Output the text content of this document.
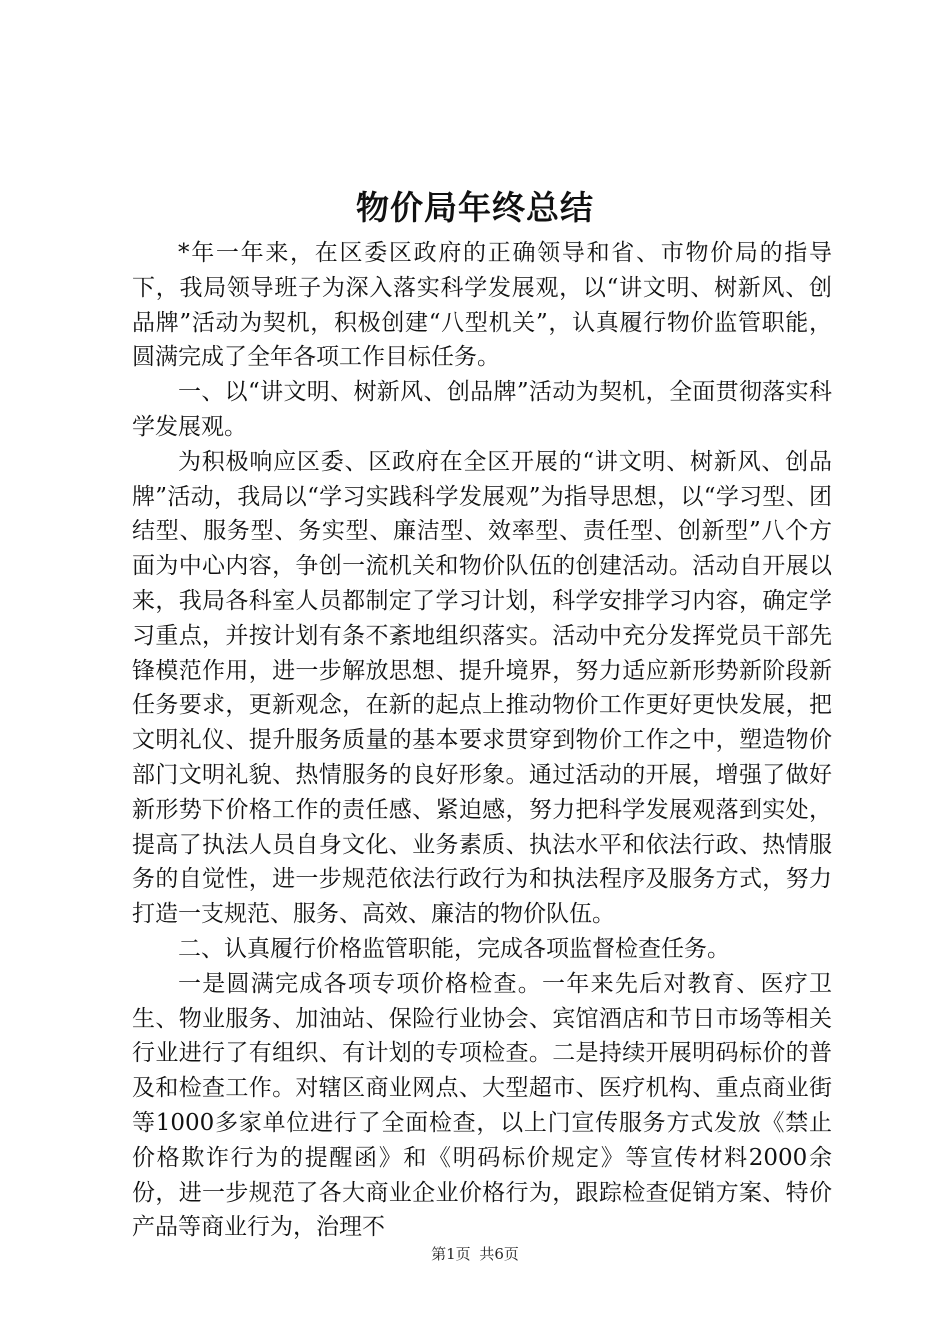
物价局年终总结

*年一年来，在区委区政府的正确领导和省、市物价局的指导下，我局领导班子为深入落实科学发展观，以“讲文明、树新风、创品牌”活动为契机，积极创建“八型机关”，认真履行物价监管职能，圆满完成了全年各项工作目标任务。

一、以“讲文明、树新风、创品牌”活动为契机，全面贯彻落实科学发展观。

为积极响应区委、区政府在全区开展的“讲文明、树新风、创品牌”活动，我局以“学习实践科学发展观”为指导思想，以“学习型、团结型、服务型、务实型、廉洁型、效率型、责任型、创新型”八个方面为中心内容，争创一流机关和物价队伍的创建活动。活动自开展以来，我局各科室人员都制定了学习计划，科学安排学习内容，确定学习重点，并按计划有条不紊地组织落实。活动中充分发挥党员干部先锋模范作用，进一步解放思想、提升境界，努力适应新形势新阶段新任务要求，更新观念，在新的起点上推动物价工作更好更快发展，把文明礼仪、提升服务质量的基本要求贯穿到物价工作之中，塑造物价部门文明礼貌、热情服务的良好形象。通过活动的开展，增强了做好新形势下价格工作的责任感、紧迫感，努力把科学发展观落到实处，提高了执法人员自身文化、业务素质、执法水平和依法行政、热情服务的自觉性，进一步规范依法行政行为和执法程序及服务方式，努力打造一支规范、服务、高效、廉洁的物价队伍。

二、认真履行价格监管职能，完成各项监督检查任务。

一是圆满完成各项专项价格检查。一年来先后对教育、医疗卫生、物业服务、加油站、保险行业协会、宾馆酒店和节日市场等相关行业进行了有组织、有计划的专项检查。二是持续开展明码标价的普及和检查工作。对辖区商业网点、大型超市、医疗机构、重点商业街等1000多家单位进行了全面检查，以上门宣传服务方式发放《禁止价格欺诈行为的提醒函》和《明码标价规定》等宣传材料2000余份，进一步规范了各大商业企业价格行为，跟踪检查促销方案、特价产品等商业行为，治理不

第1页 共6页
